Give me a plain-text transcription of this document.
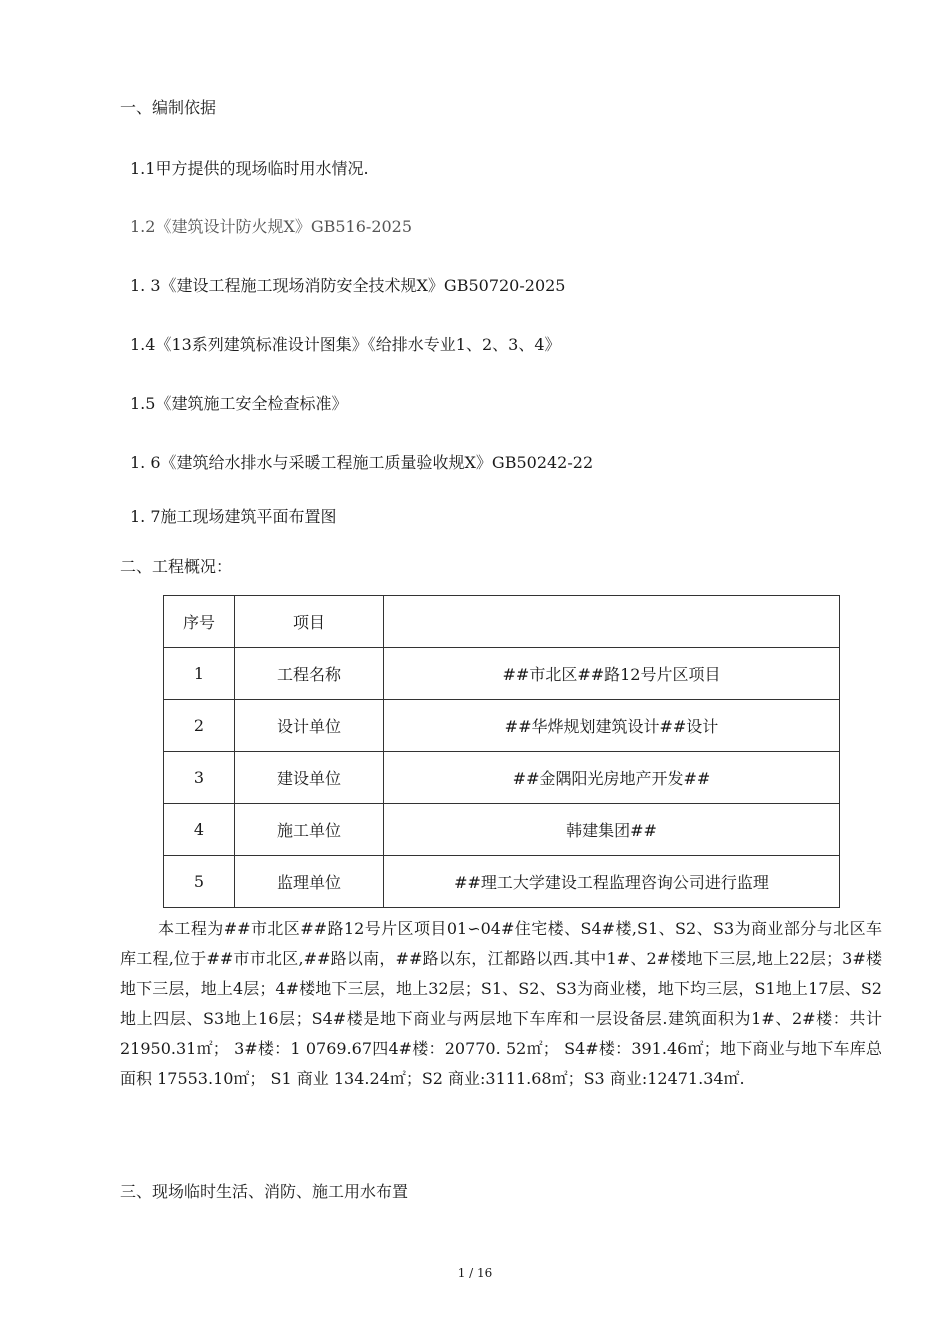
一、编制依据
1.1甲方提供的现场临时用水情况.
1.2《建筑设计防火规X》GB516-2025
1. 3《建设工程施工现场消防安全技术规X》GB50720-2025
1.4《13系列建筑标准设计图集》《给排水专业1、2、3、4》
1.5《建筑施工安全检查标准》
1. 6《建筑给水排水与采暖工程施工质量验收规X》GB50242-22
1. 7施工现场建筑平面布置图
二、工程概况：
序号	项目	
1	工程名称	##市北区##路12号片区项目
2	设计单位	##华烨规划建筑设计##设计
3	建设单位	##金隅阳光房地产开发##
4	施工单位	韩建集团##
5	监理单位	##理工大学建设工程监理咨询公司进行监理
本工程为##市北区##路12号片区项目01∽04#住宅楼、S4#楼,S1、S2、S3为商业部分与北区车库工程,位于##市市北区,##路以南，##路以东，江都路以西.其中1#、2#楼地下三层,地上22层；3#楼地下三层，地上4层；4#楼地下三层，地上32层；S1、S2、S3为商业楼，地下均三层，S1地上17层、S2地上四层、S3地上16层；S4#楼是地下商业与两层地下车库和一层设备层.建筑面积为1#、2#楼：共计21950.31㎡； 3#楼：1 0769.67四4#楼：20770. 52㎡； S4#楼：391.46㎡；地下商业与地下车库总面积 17553.10㎡； S1 商业 134.24㎡；S2 商业:3111.68㎡；S3 商业:12471.34㎡.
三、现场临时生活、消防、施工用水布置
1 / 16
